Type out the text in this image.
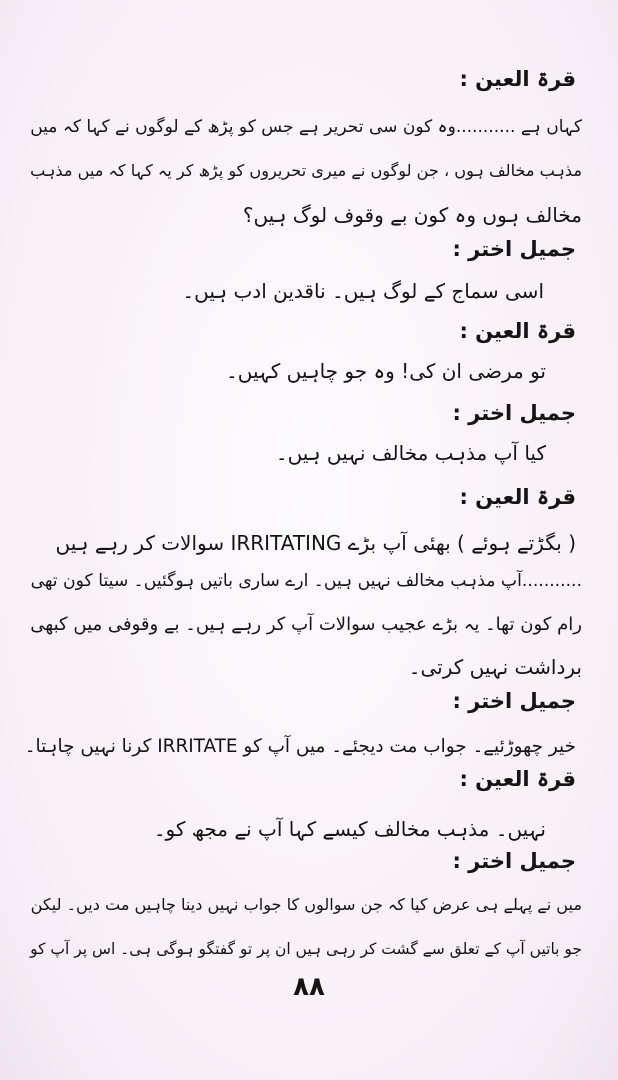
قرۃ العین :
کہاں ہے ...........وہ کون سی تحریر ہے جس کو پڑھ کے لوگوں نے کہا کہ میں
مذہب مخالف ہوں ، جن لوگوں نے میری تحریروں کو پڑھ کر یہ کہا کہ میں مذہب
مخالف ہوں وہ کون بے وقوف لوگ ہیں؟
جمیل اختر :
اسی سماج کے لوگ ہیں۔ ناقدین ادب ہیں۔
قرۃ العین :
تو مرضی ان کی! وہ جو چاہیں کہیں۔
جمیل اختر :
کیا آپ مذہب مخالف نہیں ہیں۔
قرۃ العین :
( بگڑتے ہوئے ) بھئی آپ بڑے IRRITATING سوالات کر رہے ہیں
...........آپ مذہب مخالف نہیں ہیں۔ ارے ساری باتیں ہوگئیں۔ سیتا کون تھی
رام کون تھا۔ یہ بڑے عجیب سوالات آپ کر رہے ہیں۔ بے وقوفی میں کبھی
برداشت نہیں کرتی۔
جمیل اختر :
خیر چھوڑئیے۔ جواب مت دیجئے۔ میں آپ کو IRRITATE کرنا نہیں چاہتا۔
قرۃ العین :
نہیں۔ مذہب مخالف کیسے کہا آپ نے مجھ کو۔
جمیل اختر :
میں نے پہلے ہی عرض کیا کہ جن سوالوں کا جواب نہیں دینا چاہیں مت دیں۔ لیکن
جو باتیں آپ کے تعلق سے گشت کر رہی ہیں ان پر تو گفتگو ہوگی ہی۔ اس پر آپ کو
۸۸
